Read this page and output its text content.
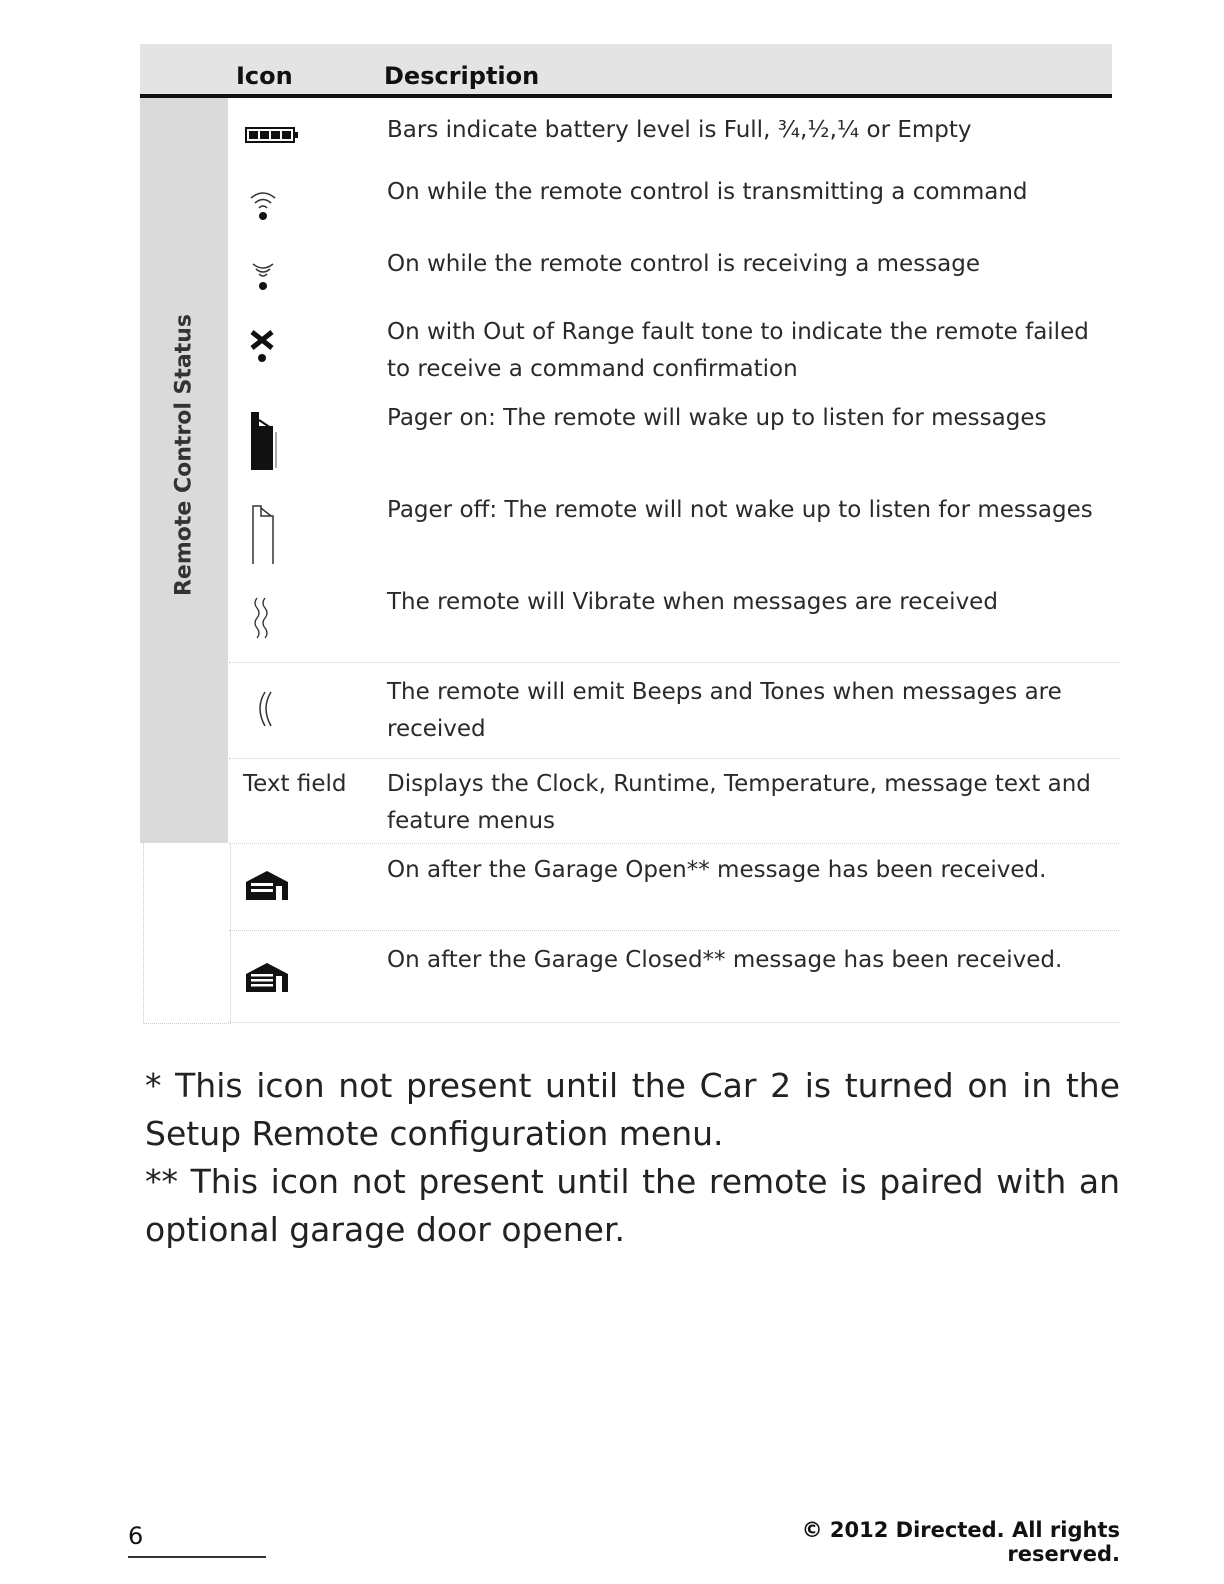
Icon	Description
Remote Control Status
Bars indicate battery level is Full, ¾,½,¼ or Empty
On while the remote control is transmitting a command
On while the remote control is receiving a message
On with Out of Range fault tone to indicate the remote failed to receive a command confirmation
Pager on: The remote will wake up to listen for messages
Pager off: The remote will not wake up to listen for messages
The remote will Vibrate when messages are received
The remote will emit Beeps and Tones when messages are received
Text field	Displays the Clock, Runtime, Temperature, message text and feature menus
On after the Garage Open** message has been received.
On after the Garage Closed** message has been received.

* This icon not present until the Car 2 is turned on in the Setup Remote configuration menu.

** This icon not present until the remote is paired with an optional garage door opener.

6	© 2012 Directed. All rights reserved.
